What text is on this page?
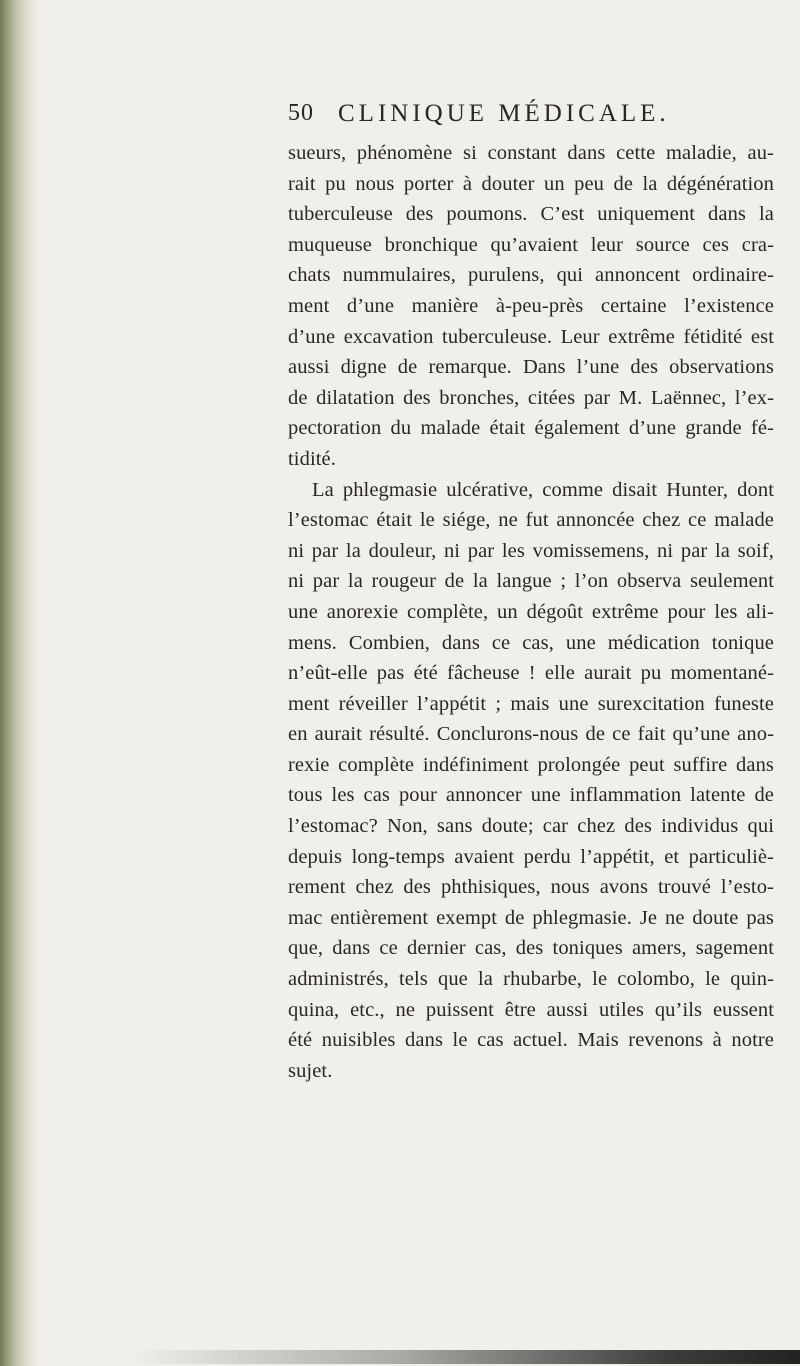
50 CLINIQUE MÉDICALE.
sueurs, phénomène si constant dans cette maladie, au-
rait pu nous porter à douter un peu de la dégénération
tuberculeuse des poumons. C’est uniquement dans la
muqueuse bronchique qu’avaient leur source ces cra-
chats nummulaires, purulens, qui annoncent ordinaire-
ment d’une manière à-peu-près certaine l’existence
d’une excavation tuberculeuse. Leur extrême fétidité est
aussi digne de remarque. Dans l’une des observations
de dilatation des bronches, citées par M. Laënnec, l’ex-
pectoration du malade était également d’une grande fé-
tidité.
La phlegmasie ulcérative, comme disait Hunter, dont
l’estomac était le siége, ne fut annoncée chez ce malade
ni par la douleur, ni par les vomissemens, ni par la soif,
ni par la rougeur de la langue ; l’on observa seulement
une anorexie complète, un dégoût extrême pour les ali-
mens. Combien, dans ce cas, une médication tonique
n’eût-elle pas été fâcheuse ! elle aurait pu momentané-
ment réveiller l’appétit ; mais une surexcitation funeste
en aurait résulté. Conclurons-nous de ce fait qu’une ano-
rexie complète indéfiniment prolongée peut suffire dans
tous les cas pour annoncer une inflammation latente de
l’estomac? Non, sans doute; car chez des individus qui
depuis long-temps avaient perdu l’appétit, et particuliè-
rement chez des phthisiques, nous avons trouvé l’esto-
mac entièrement exempt de phlegmasie. Je ne doute pas
que, dans ce dernier cas, des toniques amers, sagement
administrés, tels que la rhubarbe, le colombo, le quin-
quina, etc., ne puissent être aussi utiles qu’ils eussent
été nuisibles dans le cas actuel. Mais revenons à notre
sujet.
